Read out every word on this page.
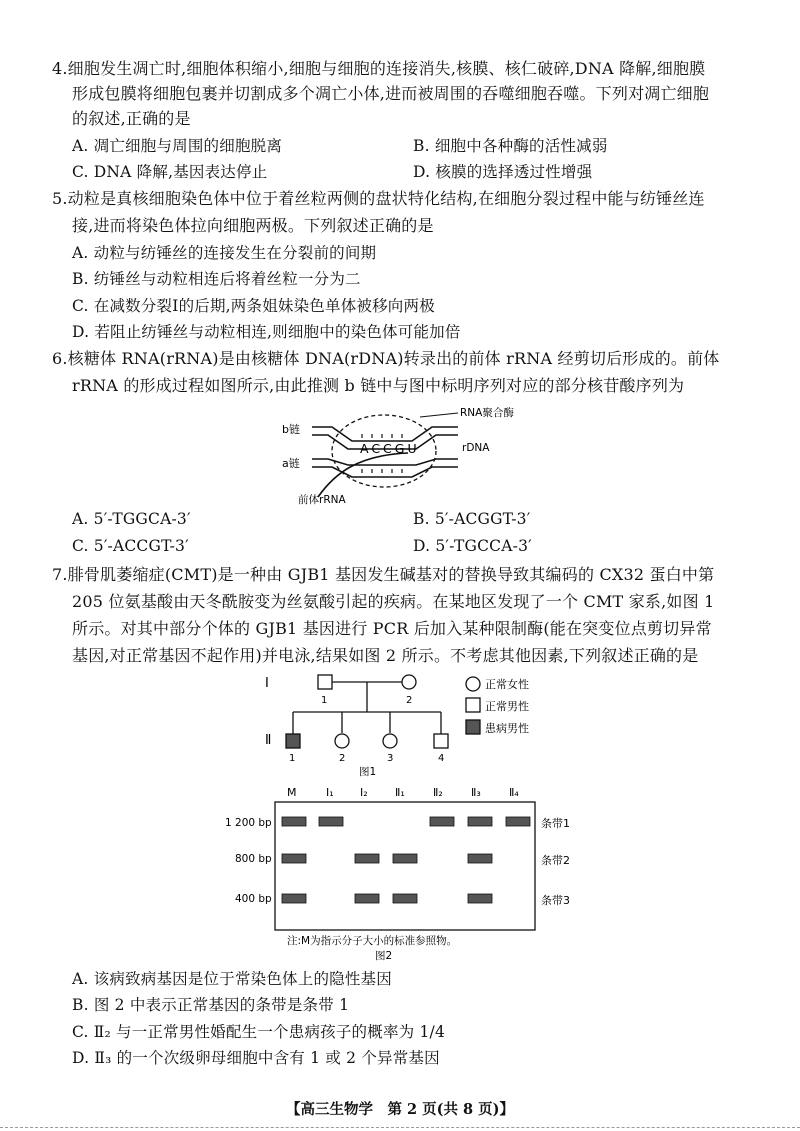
4.细胞发生凋亡时,细胞体积缩小,细胞与细胞的连接消失,核膜、核仁破碎,DNA 降解,细胞膜
形成包膜将细胞包裹并切割成多个凋亡小体,进而被周围的吞噬细胞吞噬。下列对凋亡细胞
的叙述,正确的是
A. 凋亡细胞与周围的细胞脱离	B. 细胞中各种酶的活性减弱
C. DNA 降解,基因表达停止	D. 核膜的选择透过性增强
5.动粒是真核细胞染色体中位于着丝粒两侧的盘状特化结构,在细胞分裂过程中能与纺锤丝连
接,进而将染色体拉向细胞两极。下列叙述正确的是
A. 动粒与纺锤丝的连接发生在分裂前的间期
B. 纺锤丝与动粒相连后将着丝粒一分为二
C. 在减数分裂Ⅰ的后期,两条姐妹染色单体被移向两极
D. 若阻止纺锤丝与动粒相连,则细胞中的染色体可能加倍
6.核糖体 RNA(rRNA)是由核糖体 DNA(rDNA)转录出的前体 rRNA 经剪切后形成的。前体
rRNA 的形成过程如图所示,由此推测 b 链中与图中标明序列对应的部分核苷酸序列为
b链
a链
ACCGU
RNA聚合酶
rDNA
前体rRNA
A. 5′-TGGCA-3′	B. 5′-ACGGT-3′
C. 5′-ACCGT-3′	D. 5′-TGCCA-3′
7.腓骨肌萎缩症(CMT)是一种由 GJB1 基因发生碱基对的替换导致其编码的 CX32 蛋白中第
205 位氨基酸由天冬酰胺变为丝氨酸引起的疾病。在某地区发现了一个 CMT 家系,如图 1
所示。对其中部分个体的 GJB1 基因进行 PCR 后加入某种限制酶(能在突变位点剪切异常
基因,对正常基因不起作用)并电泳,结果如图 2 所示。不考虑其他因素,下列叙述正确的是
Ⅰ
Ⅱ
1	2
1	2	3	4
图1
正常女性
正常男性
患病男性
M	Ⅰ₁ Ⅰ₂ Ⅱ₁	Ⅱ₂	Ⅱ₃	Ⅱ₄
1 200 bp
800 bp
400 bp
条带1
条带2
条带3
注:M为指示分子大小的标准参照物。
图2
A. 该病致病基因是位于常染色体上的隐性基因
B. 图 2 中表示正常基因的条带是条带 1
C. Ⅱ₂ 与一正常男性婚配生一个患病孩子的概率为 1/4
D. Ⅱ₃ 的一个次级卵母细胞中含有 1 或 2 个异常基因
【高三生物学　第 2 页(共 8 页)】
